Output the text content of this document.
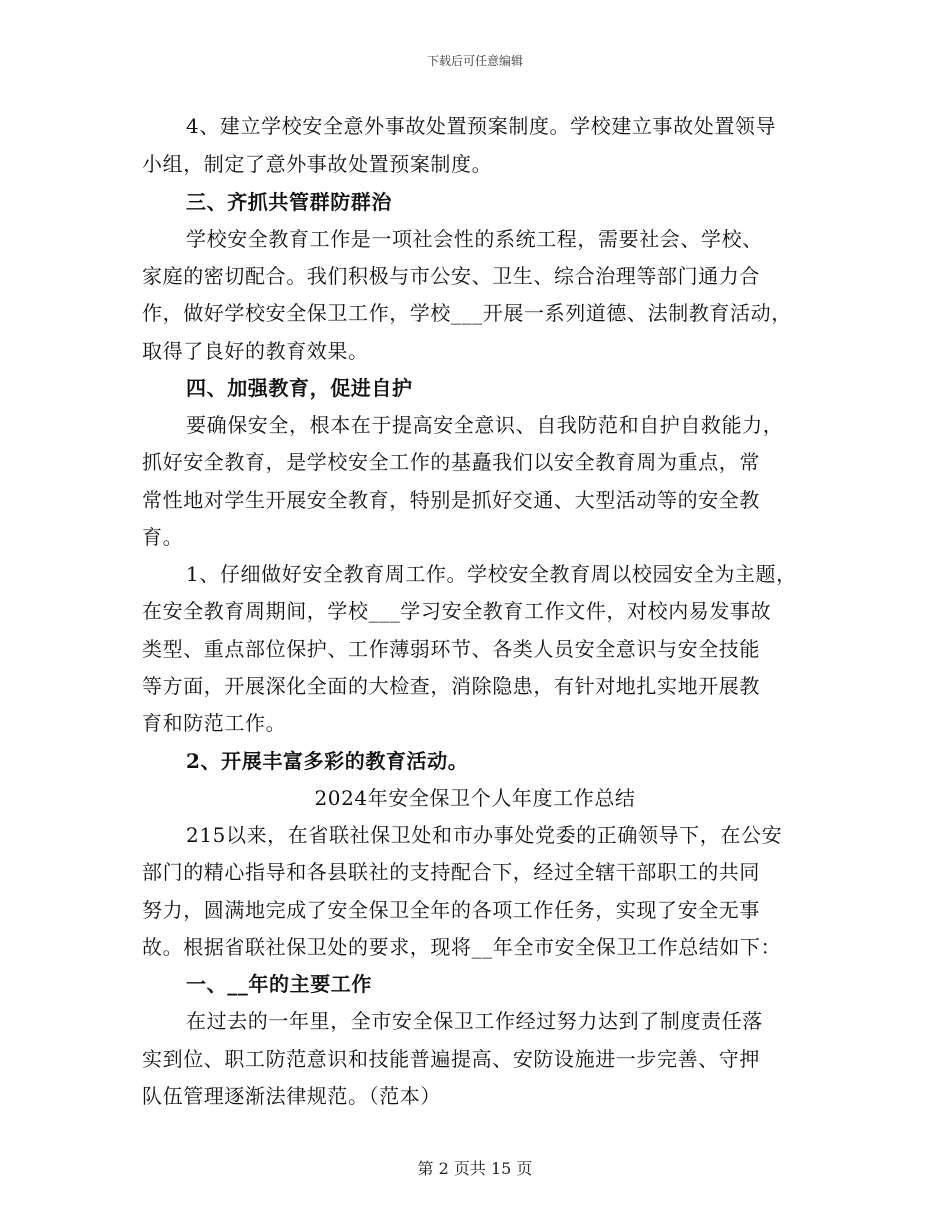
下载后可任意编辑
4、建立学校安全意外事故处置预案制度。学校建立事故处置领导
小组，制定了意外事故处置预案制度。
三、齐抓共管群防群治
学校安全教育工作是一项社会性的系统工程，需要社会、学校、
家庭的密切配合。我们积极与市公安、卫生、综合治理等部门通力合
作，做好学校安全保卫工作，学校___开展一系列道德、法制教育活动，
取得了良好的教育效果。
四、加强教育，促进自护
要确保安全，根本在于提高安全意识、自我防范和自护自救能力，
抓好安全教育，是学校安全工作的基矗我们以安全教育周为重点，常
常性地对学生开展安全教育，特别是抓好交通、大型活动等的安全教
育。
1、仔细做好安全教育周工作。学校安全教育周以校园安全为主题，
在安全教育周期间，学校___学习安全教育工作文件，对校内易发事故
类型、重点部位保护、工作薄弱环节、各类人员安全意识与安全技能
等方面，开展深化全面的大检查，消除隐患，有针对地扎实地开展教
育和防范工作。
2、开展丰富多彩的教育活动。
2024年安全保卫个人年度工作总结
215以来，在省联社保卫处和市办事处党委的正确领导下，在公安
部门的精心指导和各县联社的支持配合下，经过全辖干部职工的共同
努力，圆满地完成了安全保卫全年的各项工作任务，实现了安全无事
故。根据省联社保卫处的要求，现将__年全市安全保卫工作总结如下：
一、__年的主要工作
在过去的一年里，全市安全保卫工作经过努力达到了制度责任落
实到位、职工防范意识和技能普遍提高、安防设施进一步完善、守押
队伍管理逐渐法律规范。（范本）
第 2 页共 15 页
